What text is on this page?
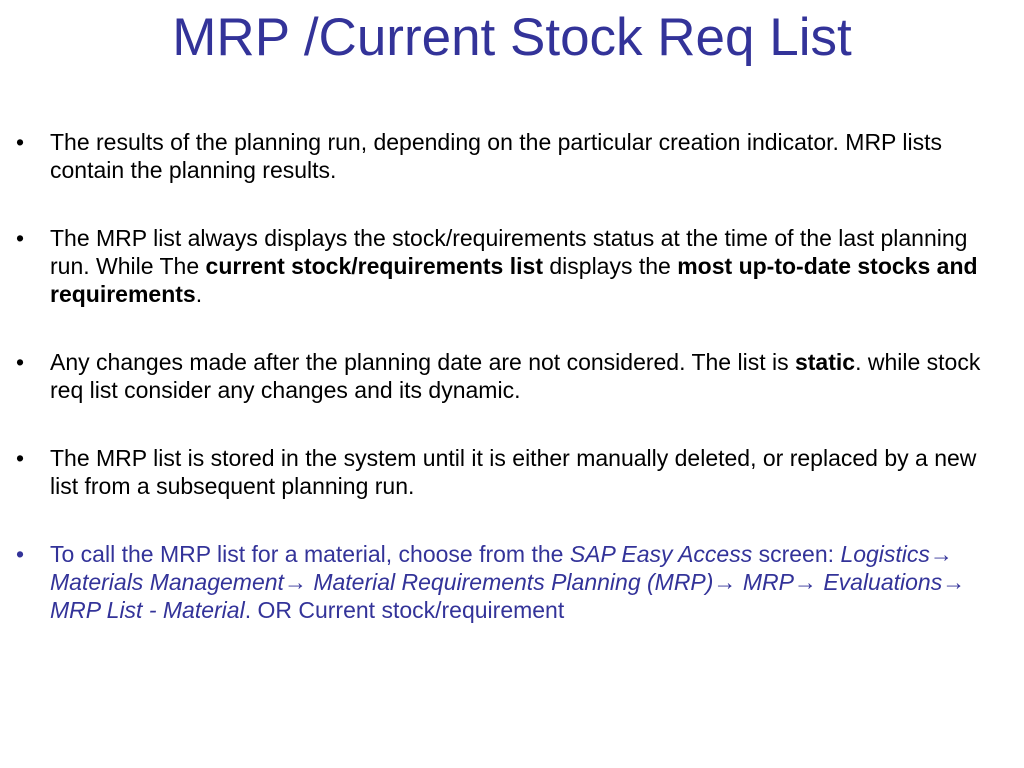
MRP /Current Stock Req List
•	The results of the planning run, depending on the particular creation indicator. MRP lists contain the planning results.
•	The MRP list always displays the stock/requirements status at the time of the last planning run. While The current stock/requirements list displays the most up-to-date stocks and requirements.
•	Any changes made after the planning date are not considered. The list is static. while stock req list consider any changes and its dynamic.
•	The MRP list is stored in the system until it is either manually deleted, or replaced by a new list from a subsequent planning run.
•	To call the MRP list for a material, choose from the SAP Easy Access screen: Logistics→ Materials Management→ Material Requirements Planning (MRP)→ MRP→ Evaluations→ MRP List - Material. OR Current stock/requirement
